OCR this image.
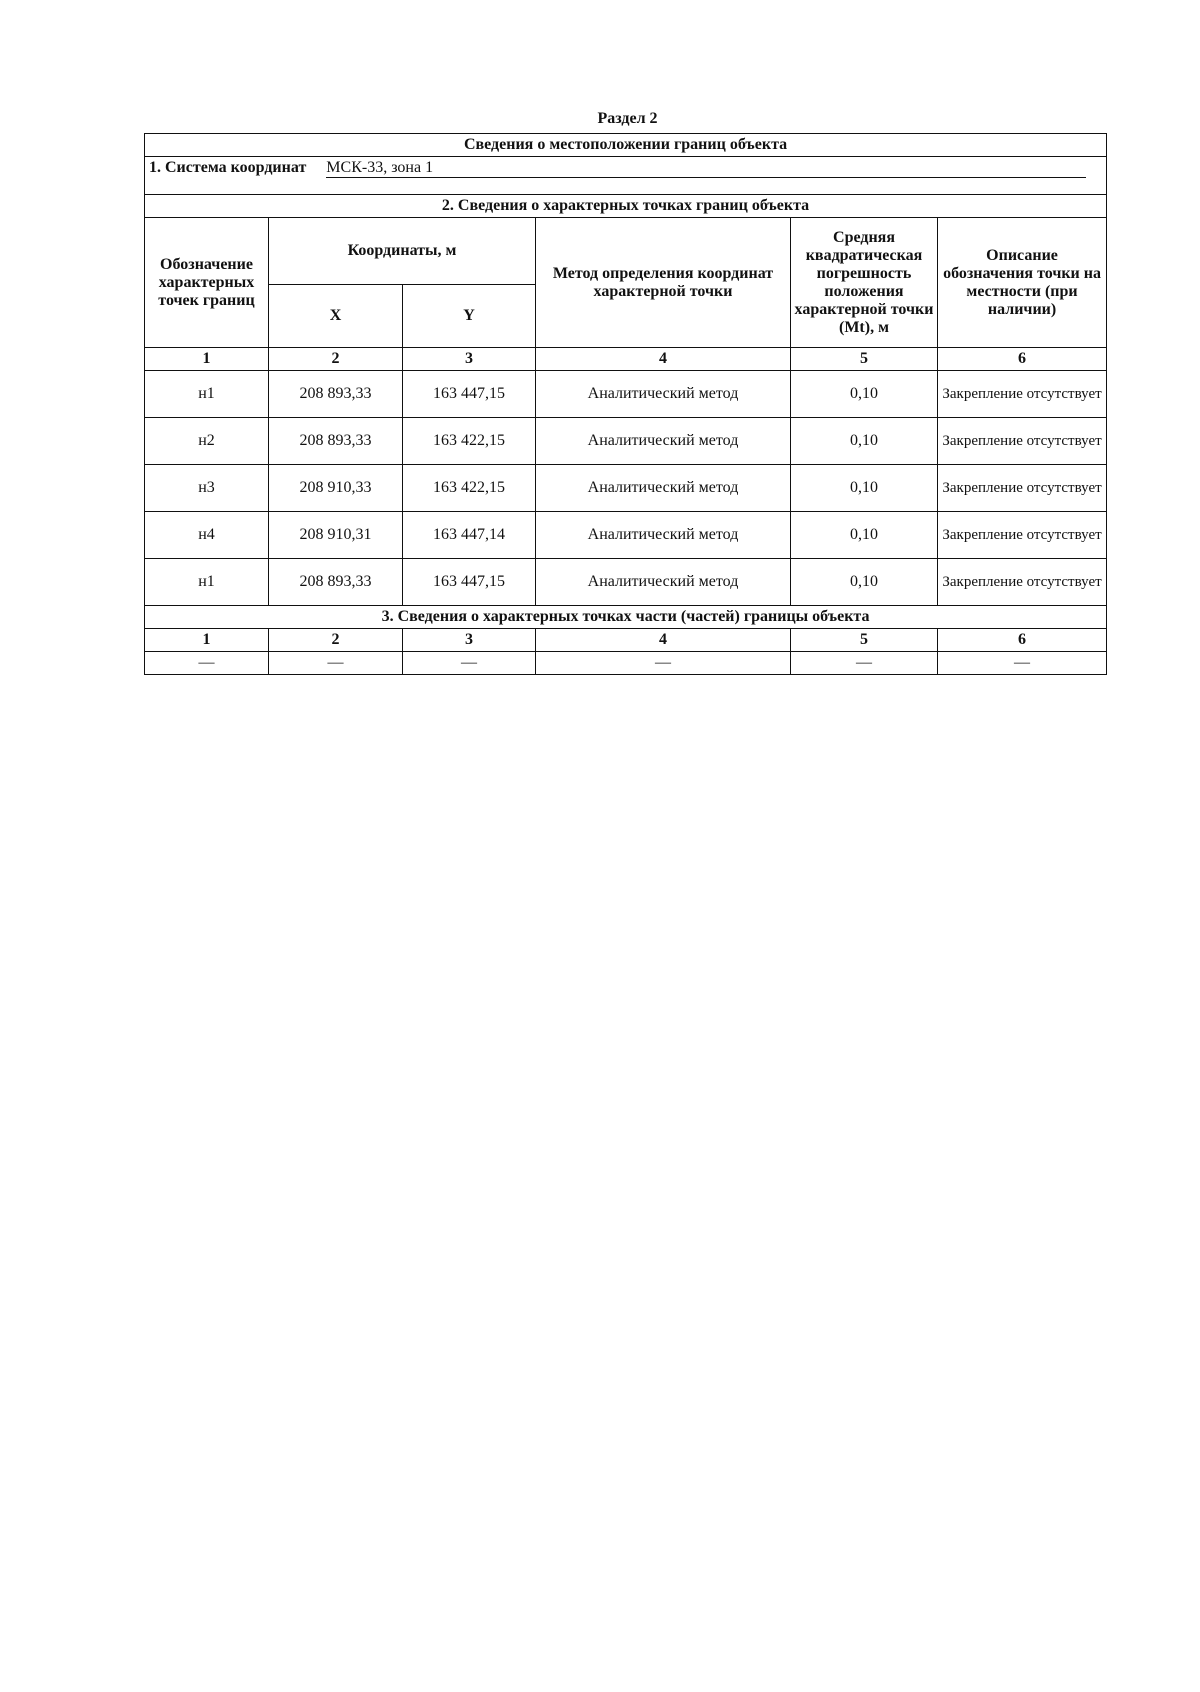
Раздел 2
Сведения о местоположении границ объекта					
1. Система координат МСК-33, зона 1					
2. Сведения о характерных точках границ объекта					
Обозначение характерных точек границ	Координаты, м		Метод определения координат характерной точки	Средняя квадратическая погрешность положения характерной точки (Mt), м	Описание обозначения точки на местности (при наличии)
	X	Y			
1	2	3	4	5	6
н1	208 893,33	163 447,15	Аналитический метод	0,10	Закрепление отсутствует
н2	208 893,33	163 422,15	Аналитический метод	0,10	Закрепление отсутствует
н3	208 910,33	163 422,15	Аналитический метод	0,10	Закрепление отсутствует
н4	208 910,31	163 447,14	Аналитический метод	0,10	Закрепление отсутствует
н1	208 893,33	163 447,15	Аналитический метод	0,10	Закрепление отсутствует
3. Сведения о характерных точках части (частей) границы объекта					
1	2	3	4	5	6
—	—	—	—	—	—
